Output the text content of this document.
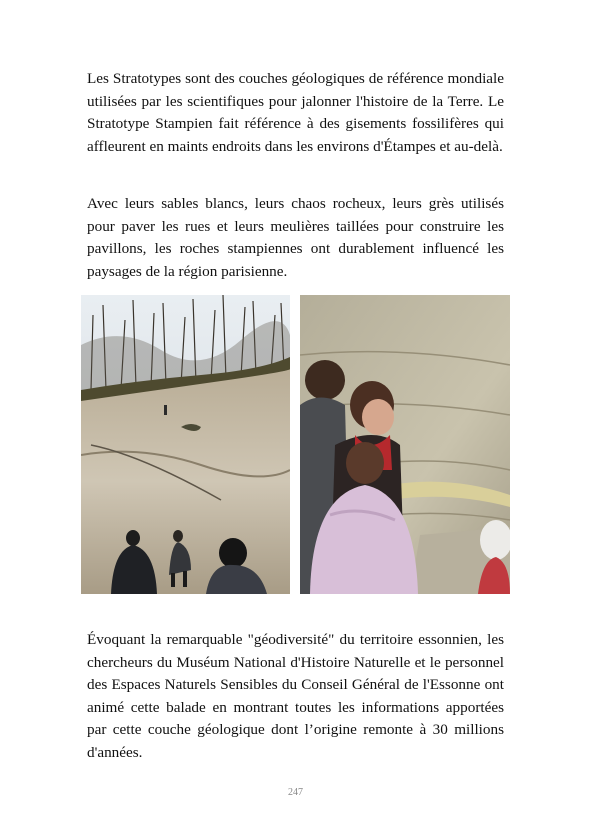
Les Stratotypes sont des couches géologiques de référence mondiale utilisées par les scientifiques pour jalonner l'histoire de la Terre. Le Stratotype Stampien fait référence à des gisements fossilifères qui affleurent en maints endroits dans les environs d'Étampes et au-delà.

Avec leurs sables blancs, leurs chaos rocheux, leurs grès utilisés pour paver les rues et leurs meulières taillées pour construire les pavillons, les roches stampiennes ont durablement influencé les paysages de la région parisienne.

Évoquant la remarquable "géodiversité" du territoire essonnien, les chercheurs du Muséum National d'Histoire Naturelle et le personnel des Espaces Naturels Sensibles du Conseil Général de l'Essonne ont animé cette balade en montrant toutes les informations apportées par cette couche géologique dont l’origine remonte à 30 millions d'années.

247
